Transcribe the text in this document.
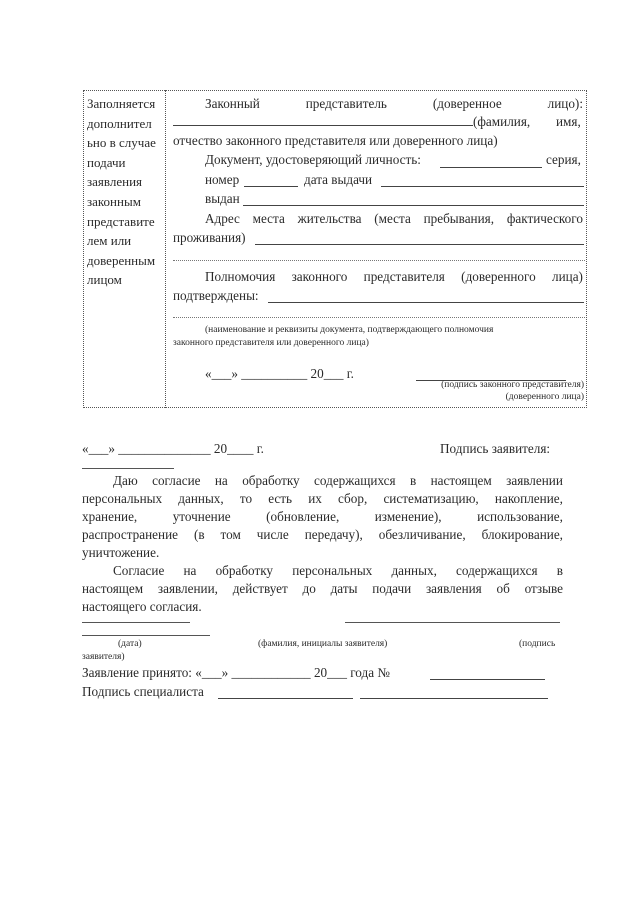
Заполняется
дополнител
ьно в случае
подачи
заявления
законным
представите
лем или
доверенным
лицом
Законный	представитель	(доверенное	лицо):
(фамилия, имя,
отчество законного представителя или доверенного лица)
Документ, удостоверяющий личность:	серия,
номер	дата выдачи
выдан
Адрес места жительства (места пребывания, фактического
проживания)
Полномочия законного представителя (доверенного лица)
подтверждены:
(наименование и реквизиты документа, подтверждающего полномочия
законного представителя или доверенного лица)
«___» __________ 20___ г.
(подпись законного представителя)
(доверенного лица)
«___» ______________ 20____ г.	Подпись заявителя:
Даю согласие на обработку содержащихся в настоящем заявлении
персональных данных, то есть их сбор, систематизацию, накопление,
хранение,	уточнение	(обновление,	изменение),	использование,
распространение (в том числе передачу), обезличивание, блокирование,
уничтожение.
Согласие на обработку персональных данных, содержащихся в
настоящем заявлении, действует до даты подачи заявления об отзыве
настоящего согласия.
(дата)	(фамилия, инициалы заявителя)	(подпись
заявителя)
Заявление принято: «___» ____________ 20___ года №
Подпись специалиста
